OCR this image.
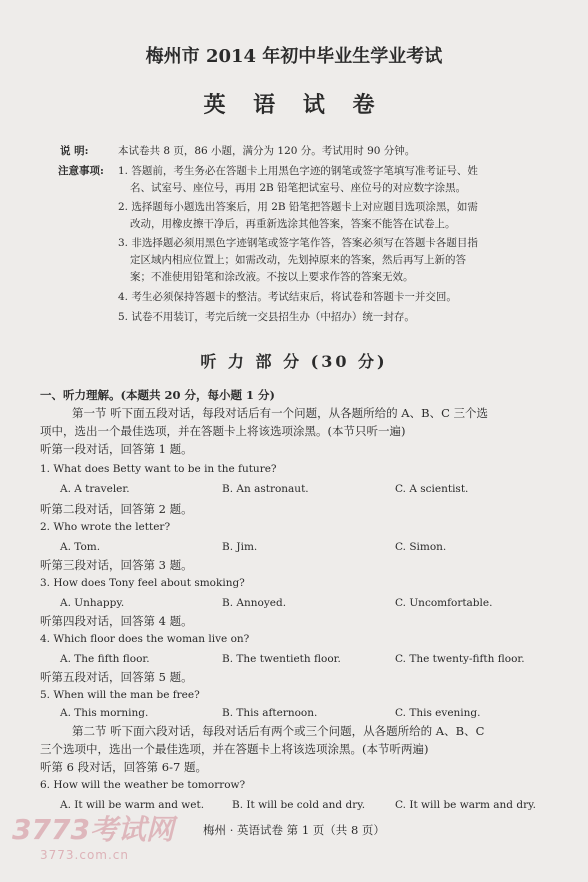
梅州市 2014 年初中毕业生学业考试
英 语 试 卷
说 明:	本试卷共 8 页，86 小题，满分为 120 分。考试用时 90 分钟。
注意事项: 1. 答题前，考生务必在答题卡上用黑色字迹的钢笔或签字笔填写准考证号、姓
名、试室号、座位号，再用 2B 铅笔把试室号、座位号的对应数字涂黑。
2. 选择题每小题选出答案后，用 2B 铅笔把答题卡上对应题目选项涂黑，如需
改动，用橡皮擦干净后，再重新选涂其他答案，答案不能答在试卷上。
3. 非选择题必须用黑色字迹钢笔或签字笔作答，答案必须写在答题卡各题目指
定区域内相应位置上；如需改动，先划掉原来的答案，然后再写上新的答
案；不准使用铅笔和涂改液。不按以上要求作答的答案无效。
4. 考生必须保持答题卡的整洁。考试结束后，将试卷和答题卡一并交回。
5. 试卷不用装订，考完后统一交县招生办（中招办）统一封存。
听 力 部 分 (30 分)
一、听力理解。(本题共 20 分，每小题 1 分)
第一节 听下面五段对话，每段对话后有一个问题，从各题所给的 A、B、C 三个选
项中，选出一个最佳选项，并在答题卡上将该选项涂黑。(本节只听一遍)
听第一段对话，回答第 1 题。
1. What does Betty want to be in the future?
A. A traveler.	B. An astronaut.	C. A scientist.
听第二段对话，回答第 2 题。
2. Who wrote the letter?
A. Tom.	B. Jim.	C. Simon.
听第三段对话，回答第 3 题。
3. How does Tony feel about smoking?
A. Unhappy.	B. Annoyed.	C. Uncomfortable.
听第四段对话，回答第 4 题。
4. Which floor does the woman live on?
A. The fifth floor.	B. The twentieth floor.	C. The twenty-fifth floor.
听第五段对话，回答第 5 题。
5. When will the man be free?
A. This morning.	B. This afternoon.	C. This evening.
第二节 听下面六段对话，每段对话后有两个或三个问题，从各题所给的 A、B、C
三个选项中，选出一个最佳选项，并在答题卡上将该选项涂黑。(本节听两遍)
听第 6 段对话，回答第 6-7 题。
6. How will the weather be tomorrow?
A. It will be warm and wet.	B. It will be cold and dry.	C. It will be warm and dry.
梅州 · 英语试卷 第 1 页（共 8 页）
3773考试网
3773.com.cn
